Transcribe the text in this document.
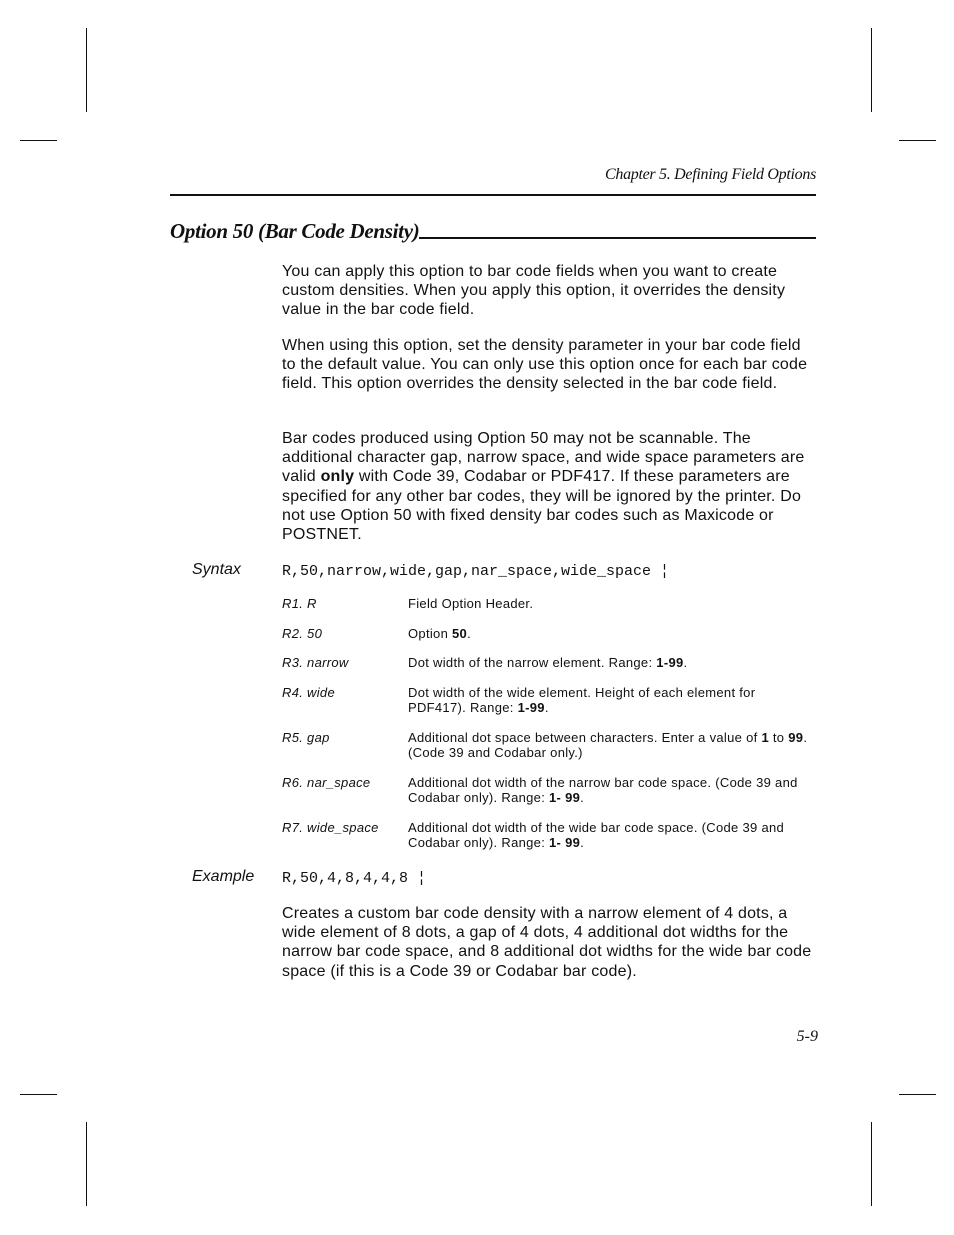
Chapter 5. Defining Field Options
Option 50 (Bar Code Density)

You can apply this option to bar code fields when you want to create custom densities. When you apply this option, it overrides the density value in the bar code field.

When using this option, set the density parameter in your bar code field to the default value. You can only use this option once for each bar code field. This option overrides the density selected in the bar code field.

Bar codes produced using Option 50 may not be scannable. The additional character gap, narrow space, and wide space parameters are valid only with Code 39, Codabar or PDF417. If these parameters are specified for any other bar codes, they will be ignored by the printer. Do not use Option 50 with fixed density bar codes such as Maxicode or POSTNET.

Syntax	R,50,narrow,wide,gap,nar_space,wide_space ¦
R1. R	Field Option Header.
R2. 50	Option 50.
R3. narrow	Dot width of the narrow element. Range: 1-99.
R4. wide	Dot width of the wide element. Height of each element for PDF417). Range: 1-99.
R5. gap	Additional dot space between characters. Enter a value of 1 to 99. (Code 39 and Codabar only.)
R6. nar_space	Additional dot width of the narrow bar code space. (Code 39 and Codabar only). Range: 1- 99.
R7. wide_space Additional dot width of the wide bar code space. (Code 39 and Codabar only). Range: 1- 99.
Example R,50,4,8,4,4,8 ¦

Creates a custom bar code density with a narrow element of 4 dots, a wide element of 8 dots, a gap of 4 dots, 4 additional dot widths for the narrow bar code space, and 8 additional dot widths for the wide bar code space (if this is a Code 39 or Codabar bar code).

5-9
